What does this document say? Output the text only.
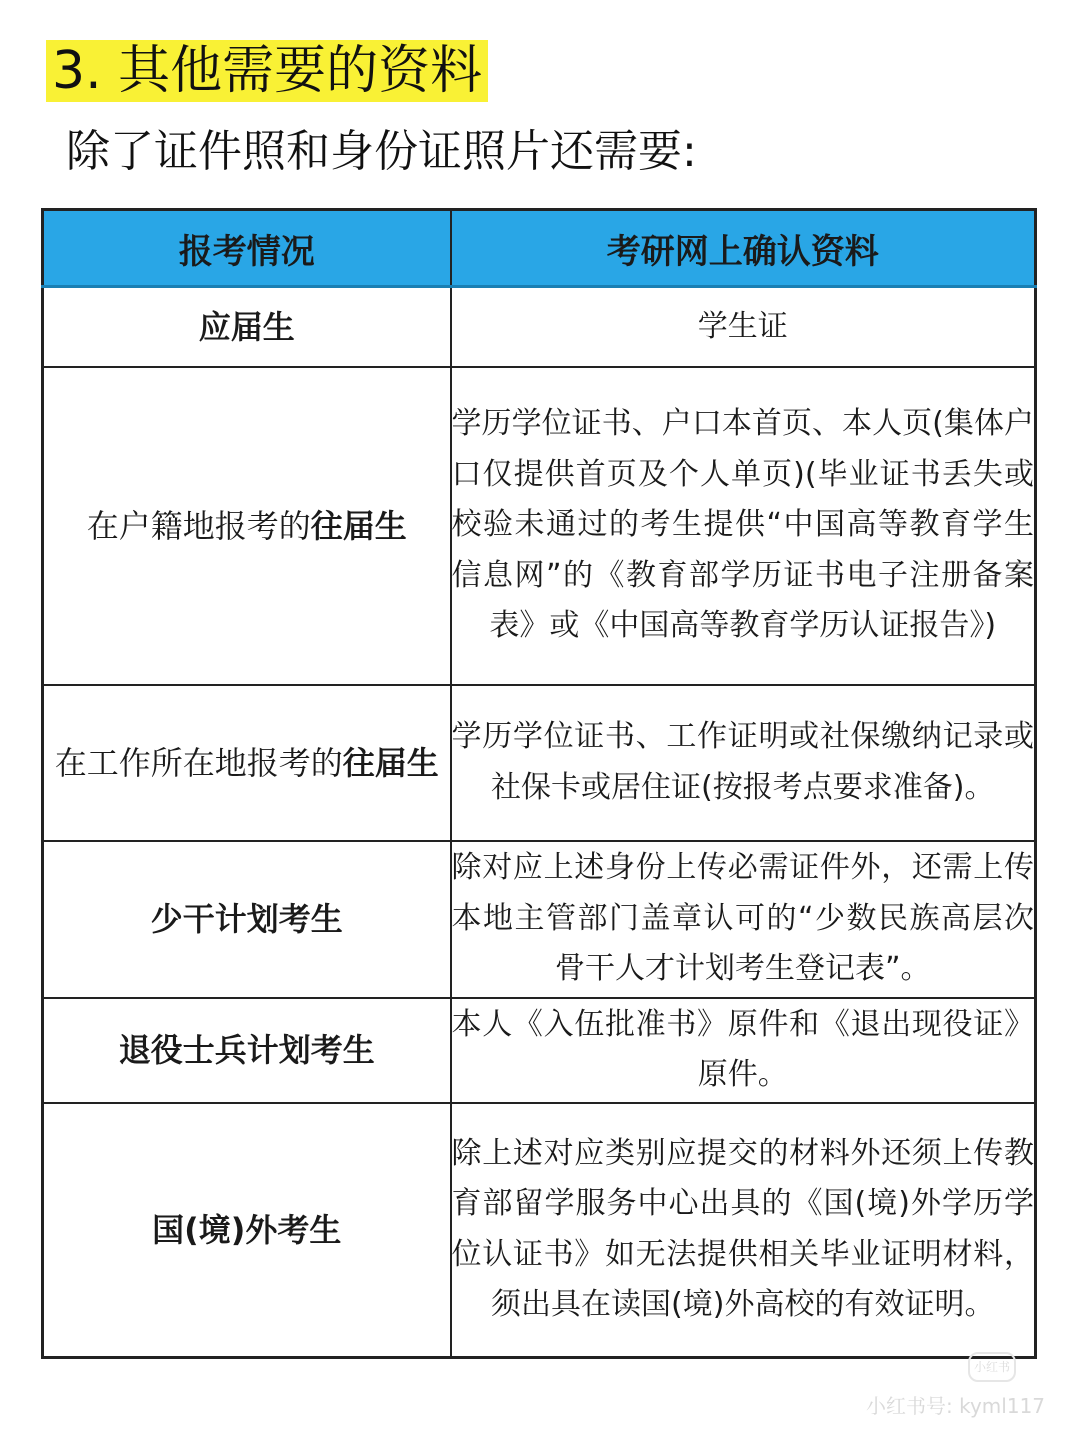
3. 其他需要的资料
除了证件照和身份证照片还需要:
报考情况	考研网上确认资料
应届生	学生证
在户籍地报考的往届生	学历学位证书、户口本首页、本人页(集体户口仅提供首页及个人单页)(毕业证书丢失或校验未通过的考生提供“中国高等教育学生信息网”的《教育部学历证书电子注册备案表》或《中国高等教育学历认证报告》)
在工作所在地报考的往届生	学历学位证书、工作证明或社保缴纳记录或社保卡或居住证(按报考点要求准备)。
少干计划考生	除对应上述身份上传必需证件外，还需上传本地主管部门盖章认可的“少数民族高层次骨干人才计划考生登记表”。
退役士兵计划考生	本人《入伍批准书》原件和《退出现役证》原件。
国(境)外考生	除上述对应类别应提交的材料外还须上传教育部留学服务中心出具的《国(境)外学历学位认证书》如无法提供相关毕业证明材料，须出具在读国(境)外高校的有效证明。
小红书
小红书号: kyml117
